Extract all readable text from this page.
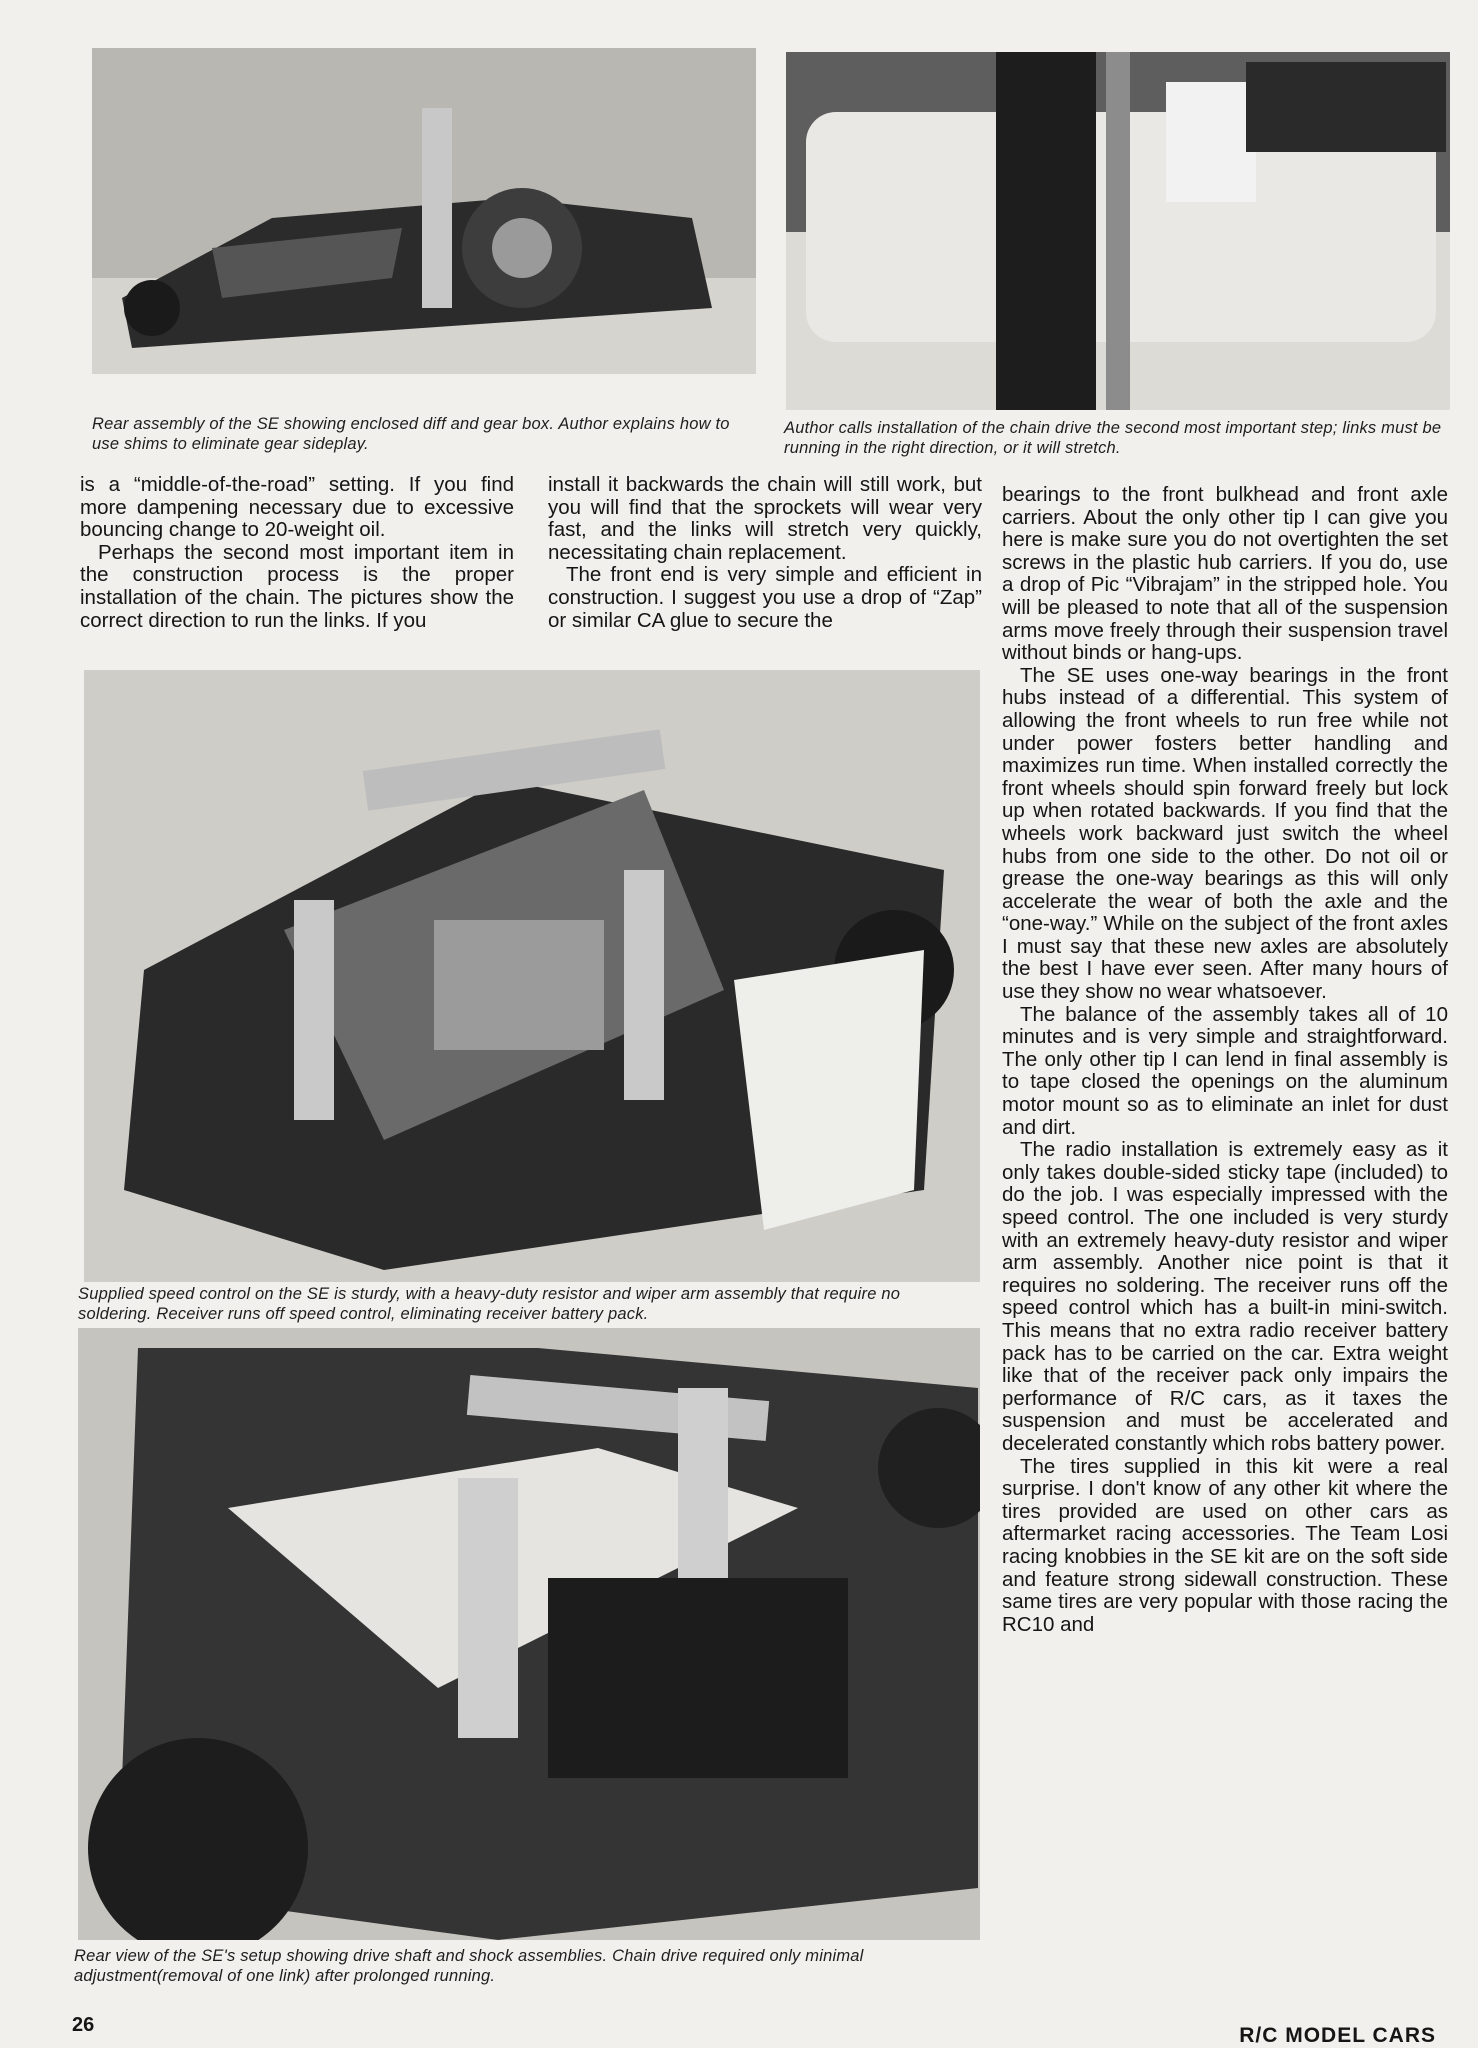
Rear assembly of the SE showing enclosed diff and gear box. Author explains how to use shims to eliminate gear sideplay.
Author calls installation of the chain drive the second most important step; links must be running in the right direction, or it will stretch.
Supplied speed control on the SE is sturdy, with a heavy-duty resistor and wiper arm assembly that require no soldering. Receiver runs off speed control, eliminating receiver battery pack.
Rear view of the SE's setup showing drive shaft and shock assemblies. Chain drive required only minimal adjustment(removal of one link) after prolonged running.

is a “middle-of-the-road” setting. If you find more dampening necessary due to excessive bouncing change to 20-weight oil.

Perhaps the second most important item in the construction process is the proper installation of the chain. The pictures show the correct direction to run the links. If you

install it backwards the chain will still work, but you will find that the sprockets will wear very fast, and the links will stretch very quickly, necessitating chain replacement.

The front end is very simple and efficient in construction. I suggest you use a drop of “Zap” or similar CA glue to secure the

bearings to the front bulkhead and front axle carriers. About the only other tip I can give you here is make sure you do not overtighten the set screws in the plastic hub carriers. If you do, use a drop of Pic “Vibrajam” in the stripped hole. You will be pleased to note that all of the suspension arms move freely through their suspension travel without binds or hang-ups.

The SE uses one-way bearings in the front hubs instead of a differential. This system of allowing the front wheels to run free while not under power fosters better handling and maximizes run time. When installed correctly the front wheels should spin forward freely but lock up when rotated backwards. If you find that the wheels work backward just switch the wheel hubs from one side to the other. Do not oil or grease the one-way bearings as this will only accelerate the wear of both the axle and the “one-way.” While on the subject of the front axles I must say that these new axles are absolutely the best I have ever seen. After many hours of use they show no wear whatsoever.

The balance of the assembly takes all of 10 minutes and is very simple and straightforward. The only other tip I can lend in final assembly is to tape closed the openings on the aluminum motor mount so as to eliminate an inlet for dust and dirt.

The radio installation is extremely easy as it only takes double-sided sticky tape (included) to do the job. I was especially impressed with the speed control. The one included is very sturdy with an extremely heavy-duty resistor and wiper arm assembly. Another nice point is that it requires no soldering. The receiver runs off the speed control which has a built-in mini-switch. This means that no extra radio receiver battery pack has to be carried on the car. Extra weight like that of the receiver pack only impairs the performance of R/C cars, as it taxes the suspension and must be accelerated and decelerated constantly which robs battery power.

The tires supplied in this kit were a real surprise. I don't know of any other kit where the tires provided are used on other cars as aftermarket racing accessories. The Team Losi racing knobbies in the SE kit are on the soft side and feature strong sidewall construction. These same tires are very popular with those racing the RC10 and

26	R/C MODEL CARS
